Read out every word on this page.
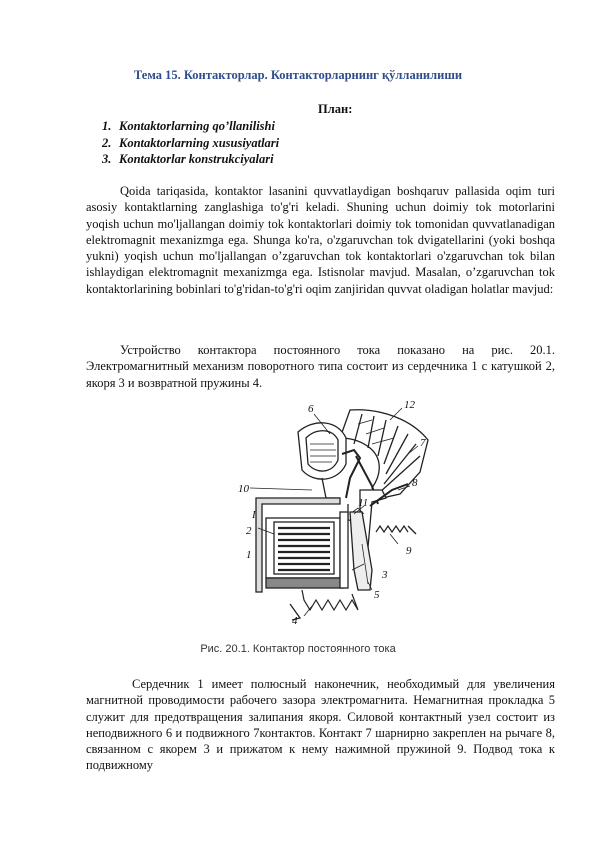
Тема 15. Контакторлар. Контакторларнинг қўлланилиши
План:
1. Kontaktorlarning qo’llanilishi
2. Kontaktorlarning xususiyatlari
3. Kontaktorlar konstrukciyalari

Qoida tariqasida, kontaktor lasanini quvvatlaydigan boshqaruv pallasida oqim turi asosiy kontaktlarning zanglashiga to'g'ri keladi. Shuning uchun doimiy tok motorlarini yoqish uchun mo'ljallangan doimiy tok kontaktorlari doimiy tok tomonidan quvvatlanadigan elektromagnit mexanizmga ega. Shunga ko'ra, o'zgaruvchan tok dvigatellarini (yoki boshqa yukni) yoqish uchun mo'ljallangan o’zgaruvchan tok kontaktorlari o'zgaruvchan tok bilan ishlaydigan elektromagnit mexanizmga ega. Istisnolar mavjud. Masalan, o’zgaruvchan tok kontaktorlarining bobinlari to'g'ridan-to'g'ri oqim zanjiridan quvvat oladigan holatlar mavjud:

Устройство контактора постоянного тока показано на рис. 20.1. Электромагнитный механизм поворотного типа состоит из сердечника 1 с катушкой 2, якоря 3 и возвратной пружины 4.

6	12
7
8
10
11
I
2
1	9
3
5
4
Рис. 20.1. Контактор постоянного тока

Сердечник 1 имеет полюсный наконечник, необходимый для увеличения магнитной проводимости рабочего зазора электромагнита. Немагнитная прокладка 5 служит для предотвращения залипания якоря. Силовой контактный узел состоит из неподвижного 6 и подвижного 7контактов. Контакт 7 шарнирно закреплен на рычаге 8, связанном с якорем 3 и прижатом к нему нажимной пружиной 9. Подвод тока к подвижному
